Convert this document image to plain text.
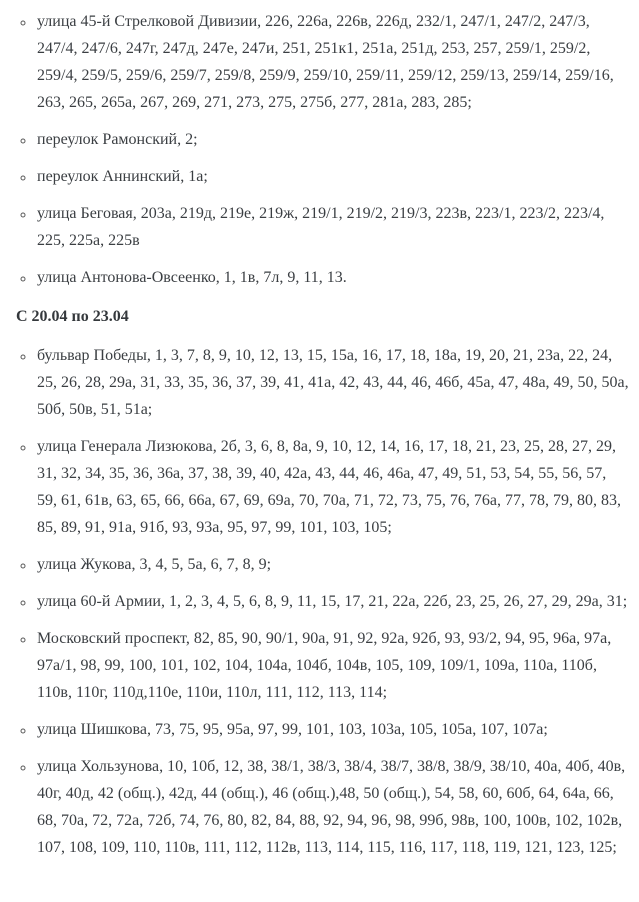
◦ улица 45-й Стрелковой Дивизии, 226, 226а, 226в, 226д, 232/1, 247/1, 247/2, 247/3, 247/4, 247/6, 247г, 247д, 247е, 247и, 251, 251к1, 251а, 251д, 253, 257, 259/1, 259/2, 259/4, 259/5, 259/6, 259/7, 259/8, 259/9, 259/10, 259/11, 259/12, 259/13, 259/14, 259/16, 263, 265, 265а, 267, 269, 271, 273, 275, 275б, 277, 281а, 283, 285;
◦ переулок Рамонский, 2;
◦ переулок Аннинский, 1а;
◦ улица Беговая, 203а, 219д, 219е, 219ж, 219/1, 219/2, 219/3, 223в, 223/1, 223/2, 223/4, 225, 225а, 225в
◦ улица Антонова-Овсеенко, 1, 1в, 7л, 9, 11, 13.

С 20.04 по 23.04

◦ бульвар Победы, 1, 3, 7, 8, 9, 10, 12, 13, 15, 15а, 16, 17, 18, 18а, 19, 20, 21, 23а, 22, 24, 25, 26, 28, 29а, 31, 33, 35, 36, 37, 39, 41, 41а, 42, 43, 44, 46, 46б, 45а, 47, 48а, 49, 50, 50а, 50б, 50в, 51, 51а;
◦ улица Генерала Лизюкова, 2б, 3, 6, 8, 8а, 9, 10, 12, 14, 16, 17, 18, 21, 23, 25, 28, 27, 29, 31, 32, 34, 35, 36, 36а, 37, 38, 39, 40, 42а, 43, 44, 46, 46а, 47, 49, 51, 53, 54, 55, 56, 57, 59, 61, 61в, 63, 65, 66, 66а, 67, 69, 69а, 70, 70а, 71, 72, 73, 75, 76, 76а, 77, 78, 79, 80, 83, 85, 89, 91, 91а, 91б, 93, 93а, 95, 97, 99, 101, 103, 105;
◦ улица Жукова, 3, 4, 5, 5а, 6, 7, 8, 9;
◦ улица 60-й Армии, 1, 2, 3, 4, 5, 6, 8, 9, 11, 15, 17, 21, 22а, 22б, 23, 25, 26, 27, 29, 29а, 31;
◦ Московский проспект, 82, 85, 90, 90/1, 90а, 91, 92, 92а, 92б, 93, 93/2, 94, 95, 96а, 97а, 97а/1, 98, 99, 100, 101, 102, 104, 104а, 104б, 104в, 105, 109, 109/1, 109а, 110а, 110б, 110в, 110г, 110д,110е, 110и, 110л, 111, 112, 113, 114;
◦ улица Шишкова, 73, 75, 95, 95а, 97, 99, 101, 103, 103а, 105, 105а, 107, 107а;
◦ улица Хользунова, 10, 10б, 12, 38, 38/1, 38/3, 38/4, 38/7, 38/8, 38/9, 38/10, 40а, 40б, 40в, 40г, 40д, 42 (общ.), 42д, 44 (общ.), 46 (общ.),48, 50 (общ.), 54, 58, 60, 60б, 64, 64а, 66, 68, 70а, 72, 72а, 72б, 74, 76, 80, 82, 84, 88, 92, 94, 96, 98, 99б, 98в, 100, 100в, 102, 102в, 107, 108, 109, 110, 110в, 111, 112, 112в, 113, 114, 115, 116, 117, 118, 119, 121, 123, 125;
